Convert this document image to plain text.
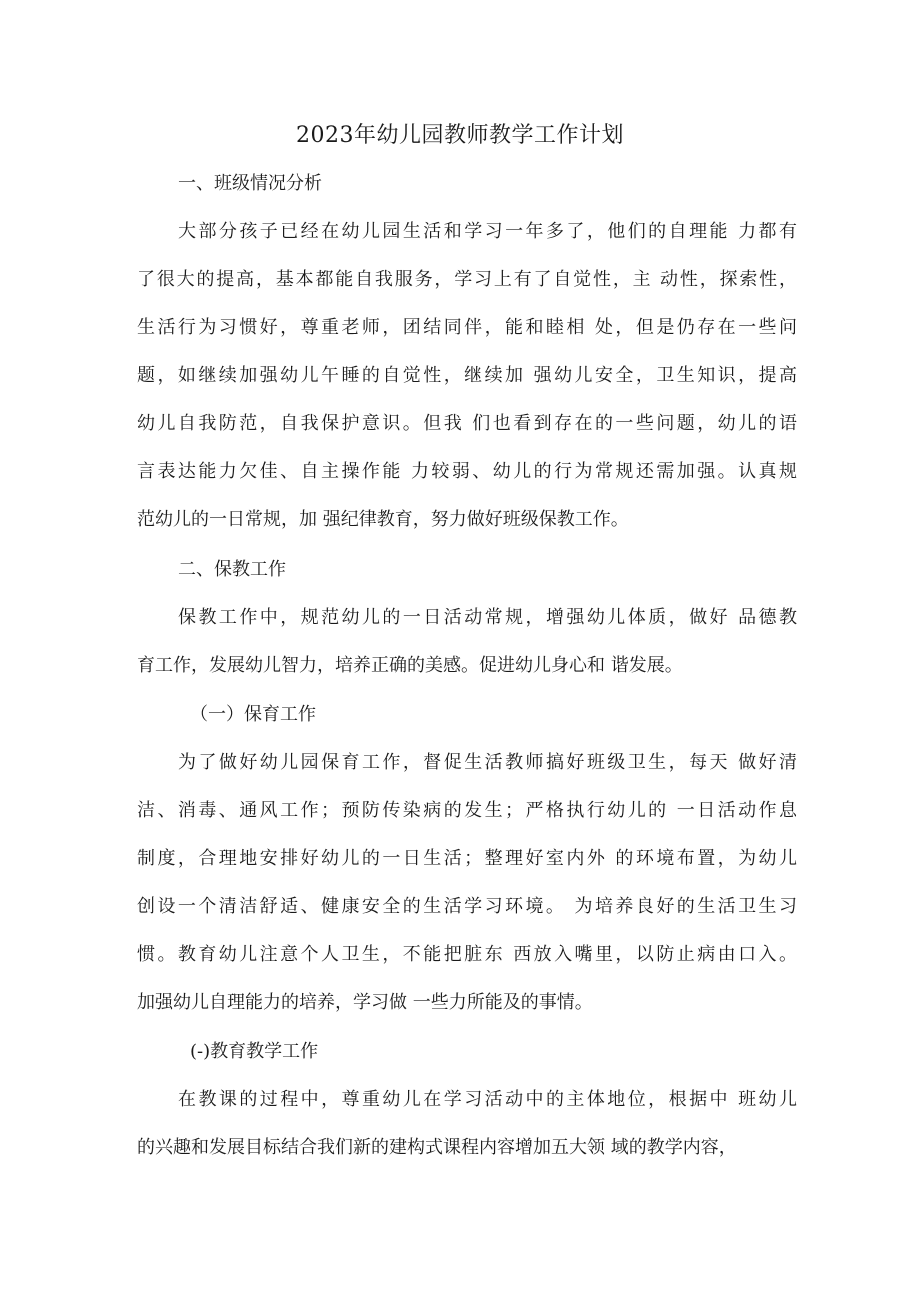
2023年幼儿园教师教学工作计划
一、班级情况分析
大部分孩子已经在幼儿园生活和学习一年多了，他们的自理能 力都有
了很大的提高，基本都能自我服务，学习上有了自觉性，主 动性，探索性，
生活行为习惯好，尊重老师，团结同伴，能和睦相 处，但是仍存在一些问
题，如继续加强幼儿午睡的自觉性，继续加 强幼儿安全，卫生知识，提高
幼儿自我防范，自我保护意识。但我 们也看到存在的一些问题，幼儿的语
言表达能力欠佳、自主操作能 力较弱、幼儿的行为常规还需加强。认真规
范幼儿的一日常规，加 强纪律教育，努力做好班级保教工作。
二、保教工作
保教工作中，规范幼儿的一日活动常规，增强幼儿体质，做好 品德教
育工作，发展幼儿智力，培养正确的美感。促进幼儿身心和 谐发展。
（一）保育工作
为了做好幼儿园保育工作，督促生活教师搞好班级卫生，每天 做好清
洁、消毒、通风工作；预防传染病的发生；严格执行幼儿的 一日活动作息
制度，合理地安排好幼儿的一日生活；整理好室内外 的环境布置，为幼儿
创设一个清洁舒适、健康安全的生活学习环境。 为培养良好的生活卫生习
惯。教育幼儿注意个人卫生，不能把脏东 西放入嘴里，以防止病由口入。
加强幼儿自理能力的培养，学习做 一些力所能及的事情。
(-)教育教学工作
在教课的过程中，尊重幼儿在学习活动中的主体地位，根据中 班幼儿
的兴趣和发展目标结合我们新的建构式课程内容增加五大领 域的教学内容，
